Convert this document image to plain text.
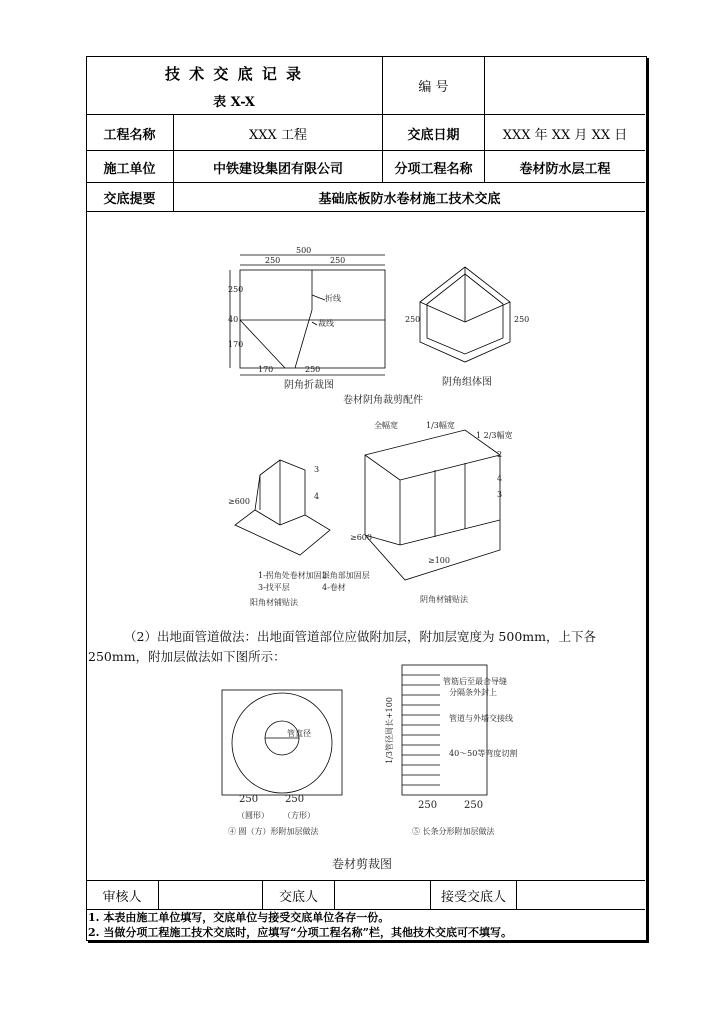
技 术 交 底 记 录
表 X-X
编 号
工程名称	XXX 工程	交底日期	XXX 年 XX 月 XX 日
施工单位	中铁建设集团有限公司	分项工程名称	卷材防水层工程
交底提要	基础底板防水卷材施工技术交底
500
250	250
250
40
170
170	250
折线
裁线
阴角折裁图
250	250
阴角组体图
卷材阴角裁剪配件
3
4
≥600
全幅宽	1/3幅宽
1 2/3幅宽
2
4
3
≥600
≥100
1-拐角处卷材加固层
2-角部加固层
3-找平层	4-卷材
阳角材铺贴法	阴角材铺贴法
（2）出地面管道做法：出地面管道部位应做附加层，附加层宽度为 500mm，上下各 250mm，附加层做法如下图所示：
管直径
250	250
（圆形） （方形）
④ 圆（方）形附加层做法
1/3管径周长+100
管筋后至最合导缝
分隔条外封上
管道与外墙交接线
40～50等弯度切割
250	250
⑤ 长条分形附加层做法
卷材剪裁图
审核人	交底人	接受交底人
1. 本表由施工单位填写，交底单位与接受交底单位各存一份。
2. 当做分项工程施工技术交底时，应填写“分项工程名称”栏，其他技术交底可不填写。
